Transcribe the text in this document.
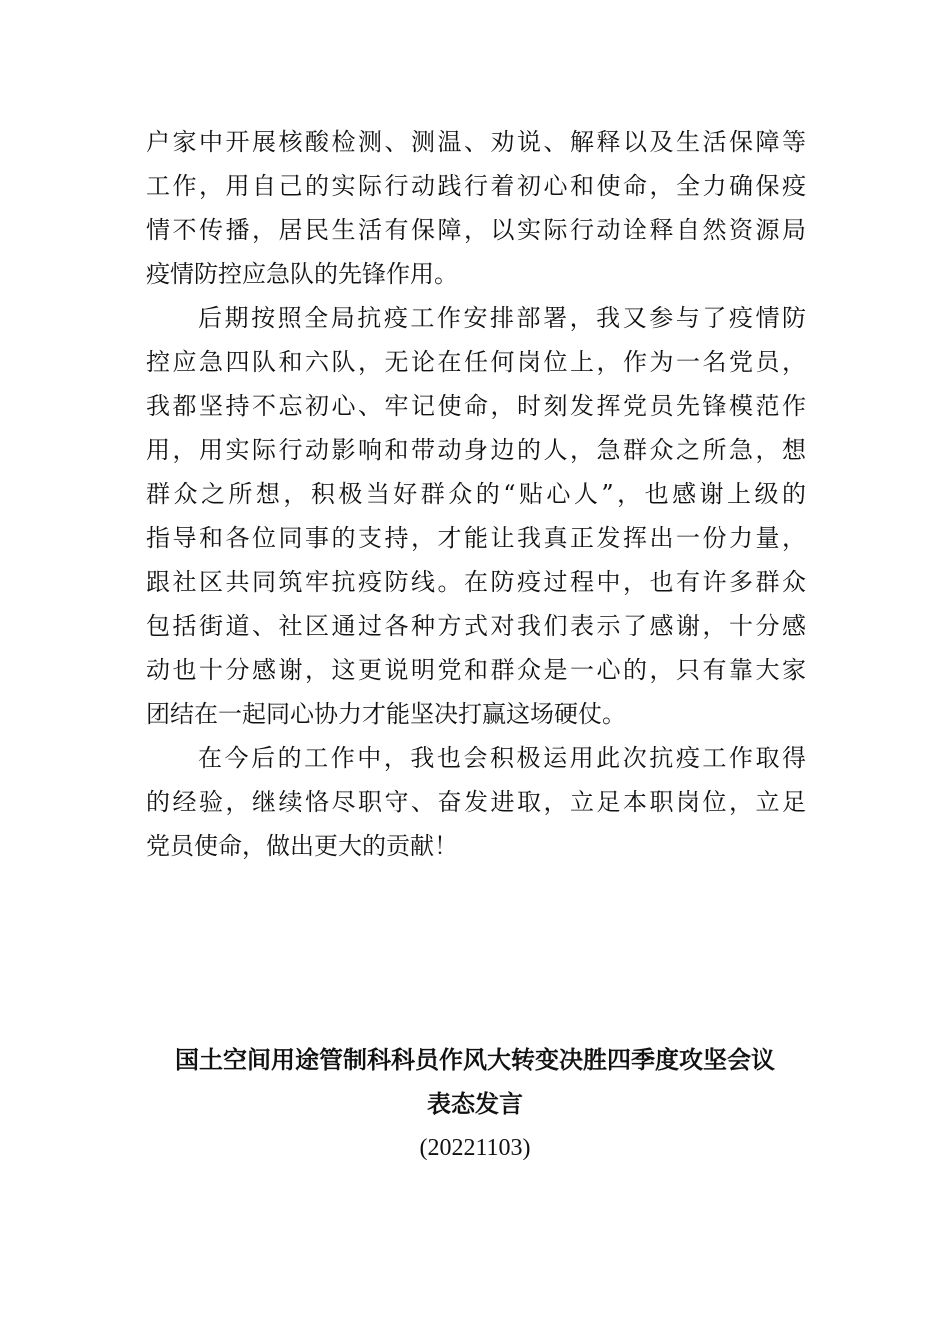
户家中开展核酸检测、测温、劝说、解释以及生活保障等
工作，用自己的实际行动践行着初心和使命，全力确保疫
情不传播，居民生活有保障，以实际行动诠释自然资源局
疫情防控应急队的先锋作用。
后期按照全局抗疫工作安排部署，我又参与了疫情防
控应急四队和六队，无论在任何岗位上，作为一名党员，
我都坚持不忘初心、牢记使命，时刻发挥党员先锋模范作
用，用实际行动影响和带动身边的人，急群众之所急，想
群众之所想，积极当好群众的“贴心人”，也感谢上级的
指导和各位同事的支持，才能让我真正发挥出一份力量，
跟社区共同筑牢抗疫防线。在防疫过程中，也有许多群众
包括街道、社区通过各种方式对我们表示了感谢，十分感
动也十分感谢，这更说明党和群众是一心的，只有靠大家
团结在一起同心协力才能坚决打赢这场硬仗。
在今后的工作中，我也会积极运用此次抗疫工作取得
的经验，继续恪尽职守、奋发进取，立足本职岗位，立足
党员使命，做出更大的贡献！
国土空间用途管制科科员作风大转变决胜四季度攻坚会议
表态发言
(20221103)
